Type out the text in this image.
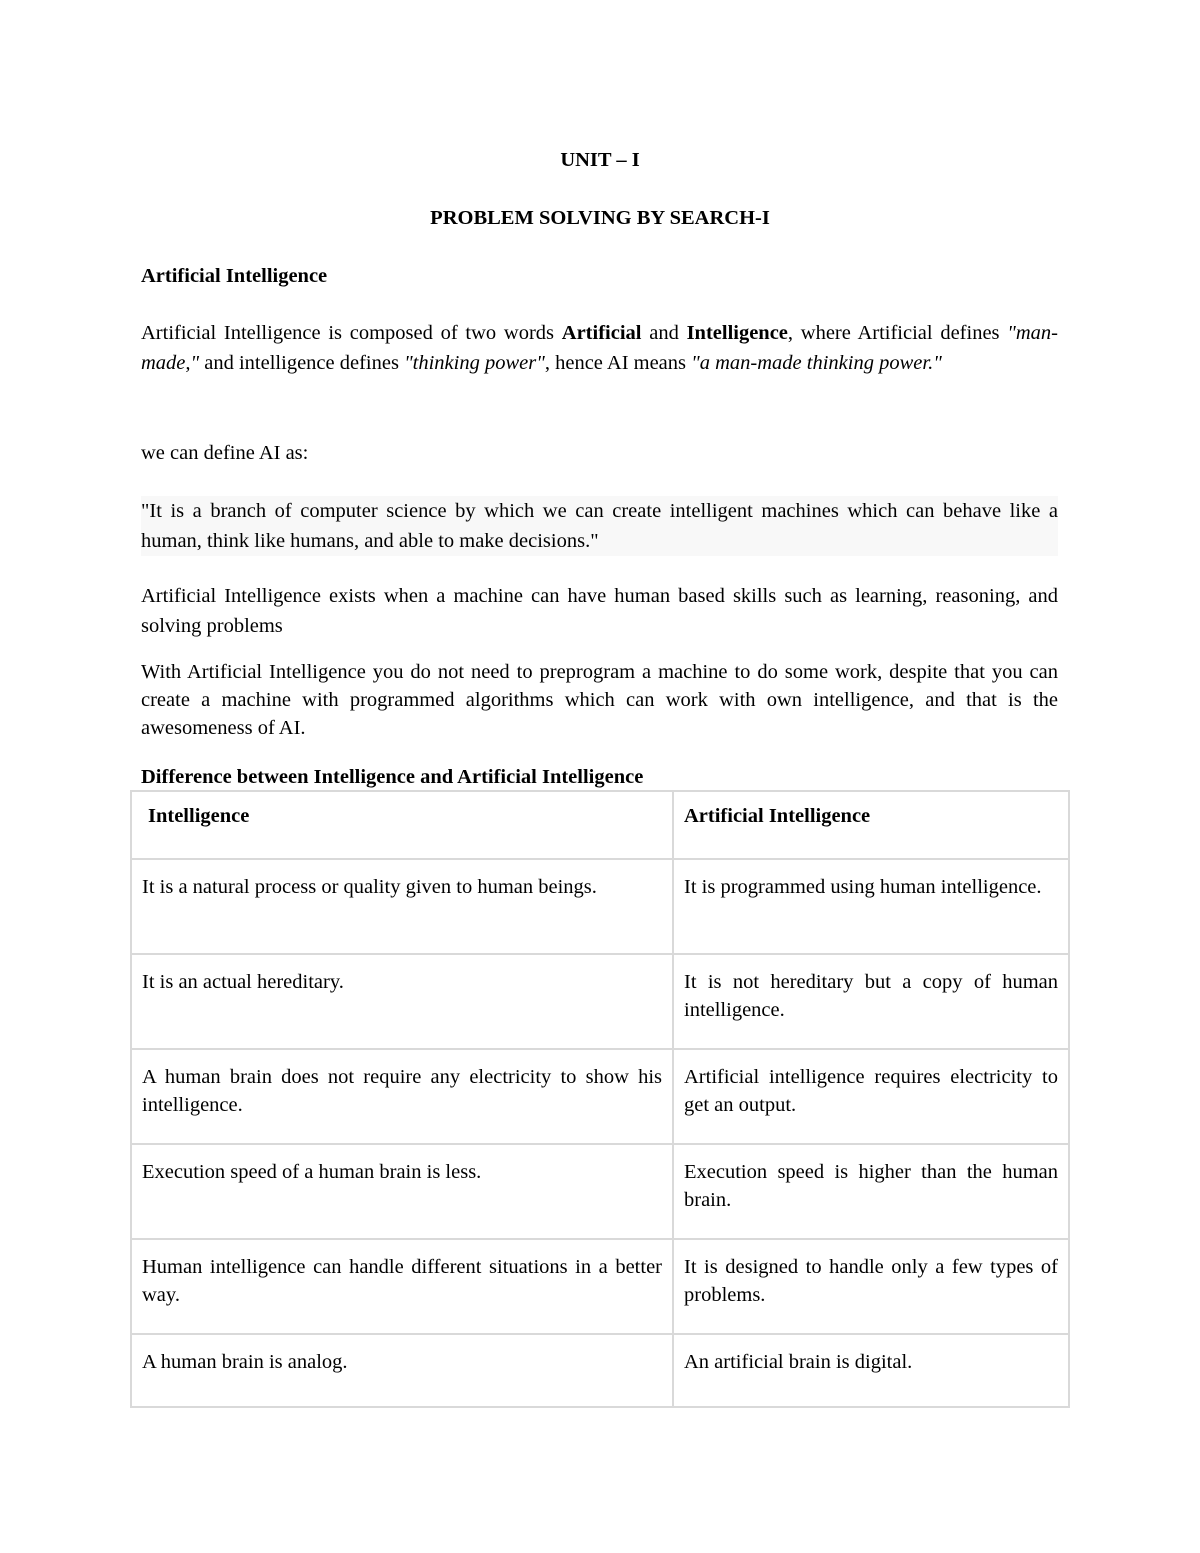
UNIT – I
PROBLEM SOLVING BY SEARCH-I
Artificial Intelligence
Artificial Intelligence is composed of two words Artificial and Intelligence, where Artificial defines "man-made," and intelligence defines "thinking power", hence AI means "a man-made thinking power."
we can define AI as:
"It is a branch of computer science by which we can create intelligent machines which can behave like a human, think like humans, and able to make decisions."
Artificial Intelligence exists when a machine can have human based skills such as learning, reasoning, and solving problems
With Artificial Intelligence you do not need to preprogram a machine to do some work, despite that you can create a machine with programmed algorithms which can work with own intelligence, and that is the awesomeness of AI.
Difference between Intelligence and Artificial Intelligence
Intelligence	Artificial Intelligence
It is a natural process or quality given to human beings.	It is programmed using human intelligence.
It is an actual hereditary.	It is not hereditary but a copy of human intelligence.
A human brain does not require any electricity to show his intelligence.	Artificial intelligence requires electricity to get an output.
Execution speed of a human brain is less.	Execution speed is higher than the human brain.
Human intelligence can handle different situations in a better way.	It is designed to handle only a few types of problems.
A human brain is analog.	An artificial brain is digital.
